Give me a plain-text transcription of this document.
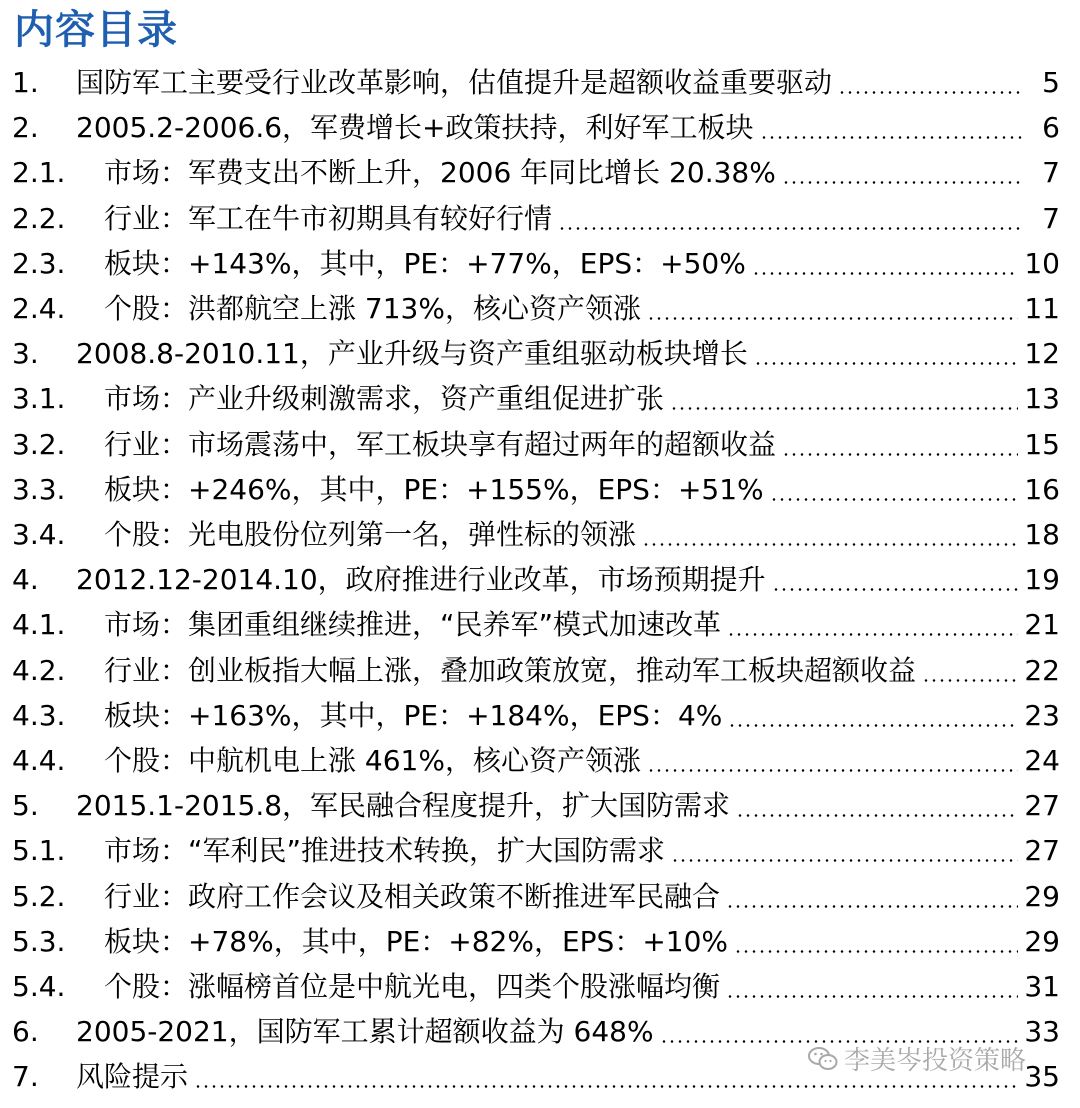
内容目录
1.	国防军工主要受行业改革影响，估值提升是超额收益重要驱动	5
2.	2005.2-2006.6，军费增长+政策扶持，利好军工板块	6
2.1.	市场：军费支出不断上升，2006 年同比增长 20.38%	7
2.2.	行业：军工在牛市初期具有较好行情	7
2.3.	板块：+143%，其中，PE：+77%，EPS：+50%	10
2.4.	个股：洪都航空上涨 713%，核心资产领涨	11
3.	2008.8-2010.11，产业升级与资产重组驱动板块增长	12
3.1.	市场：产业升级刺激需求，资产重组促进扩张	13
3.2.	行业：市场震荡中，军工板块享有超过两年的超额收益	15
3.3.	板块：+246%，其中，PE：+155%，EPS：+51%	16
3.4.	个股：光电股份位列第一名，弹性标的领涨	18
4.	2012.12-2014.10，政府推进行业改革，市场预期提升	19
4.1.	市场：集团重组继续推进，“民养军”模式加速改革	21
4.2.	行业：创业板指大幅上涨，叠加政策放宽，推动军工板块超额收益	22
4.3.	板块：+163%，其中，PE：+184%，EPS：4%	23
4.4.	个股：中航机电上涨 461%，核心资产领涨	24
5.	2015.1-2015.8，军民融合程度提升，扩大国防需求	27
5.1.	市场：“军利民”推进技术转换，扩大国防需求	27
5.2.	行业：政府工作会议及相关政策不断推进军民融合	29
5.3.	板块：+78%，其中，PE：+82%，EPS：+10%	29
5.4.	个股：涨幅榜首位是中航光电，四类个股涨幅均衡	31
6.	2005-2021，国防军工累计超额收益为 648%	33
7.	风险提示	35
李美岑投资策略
